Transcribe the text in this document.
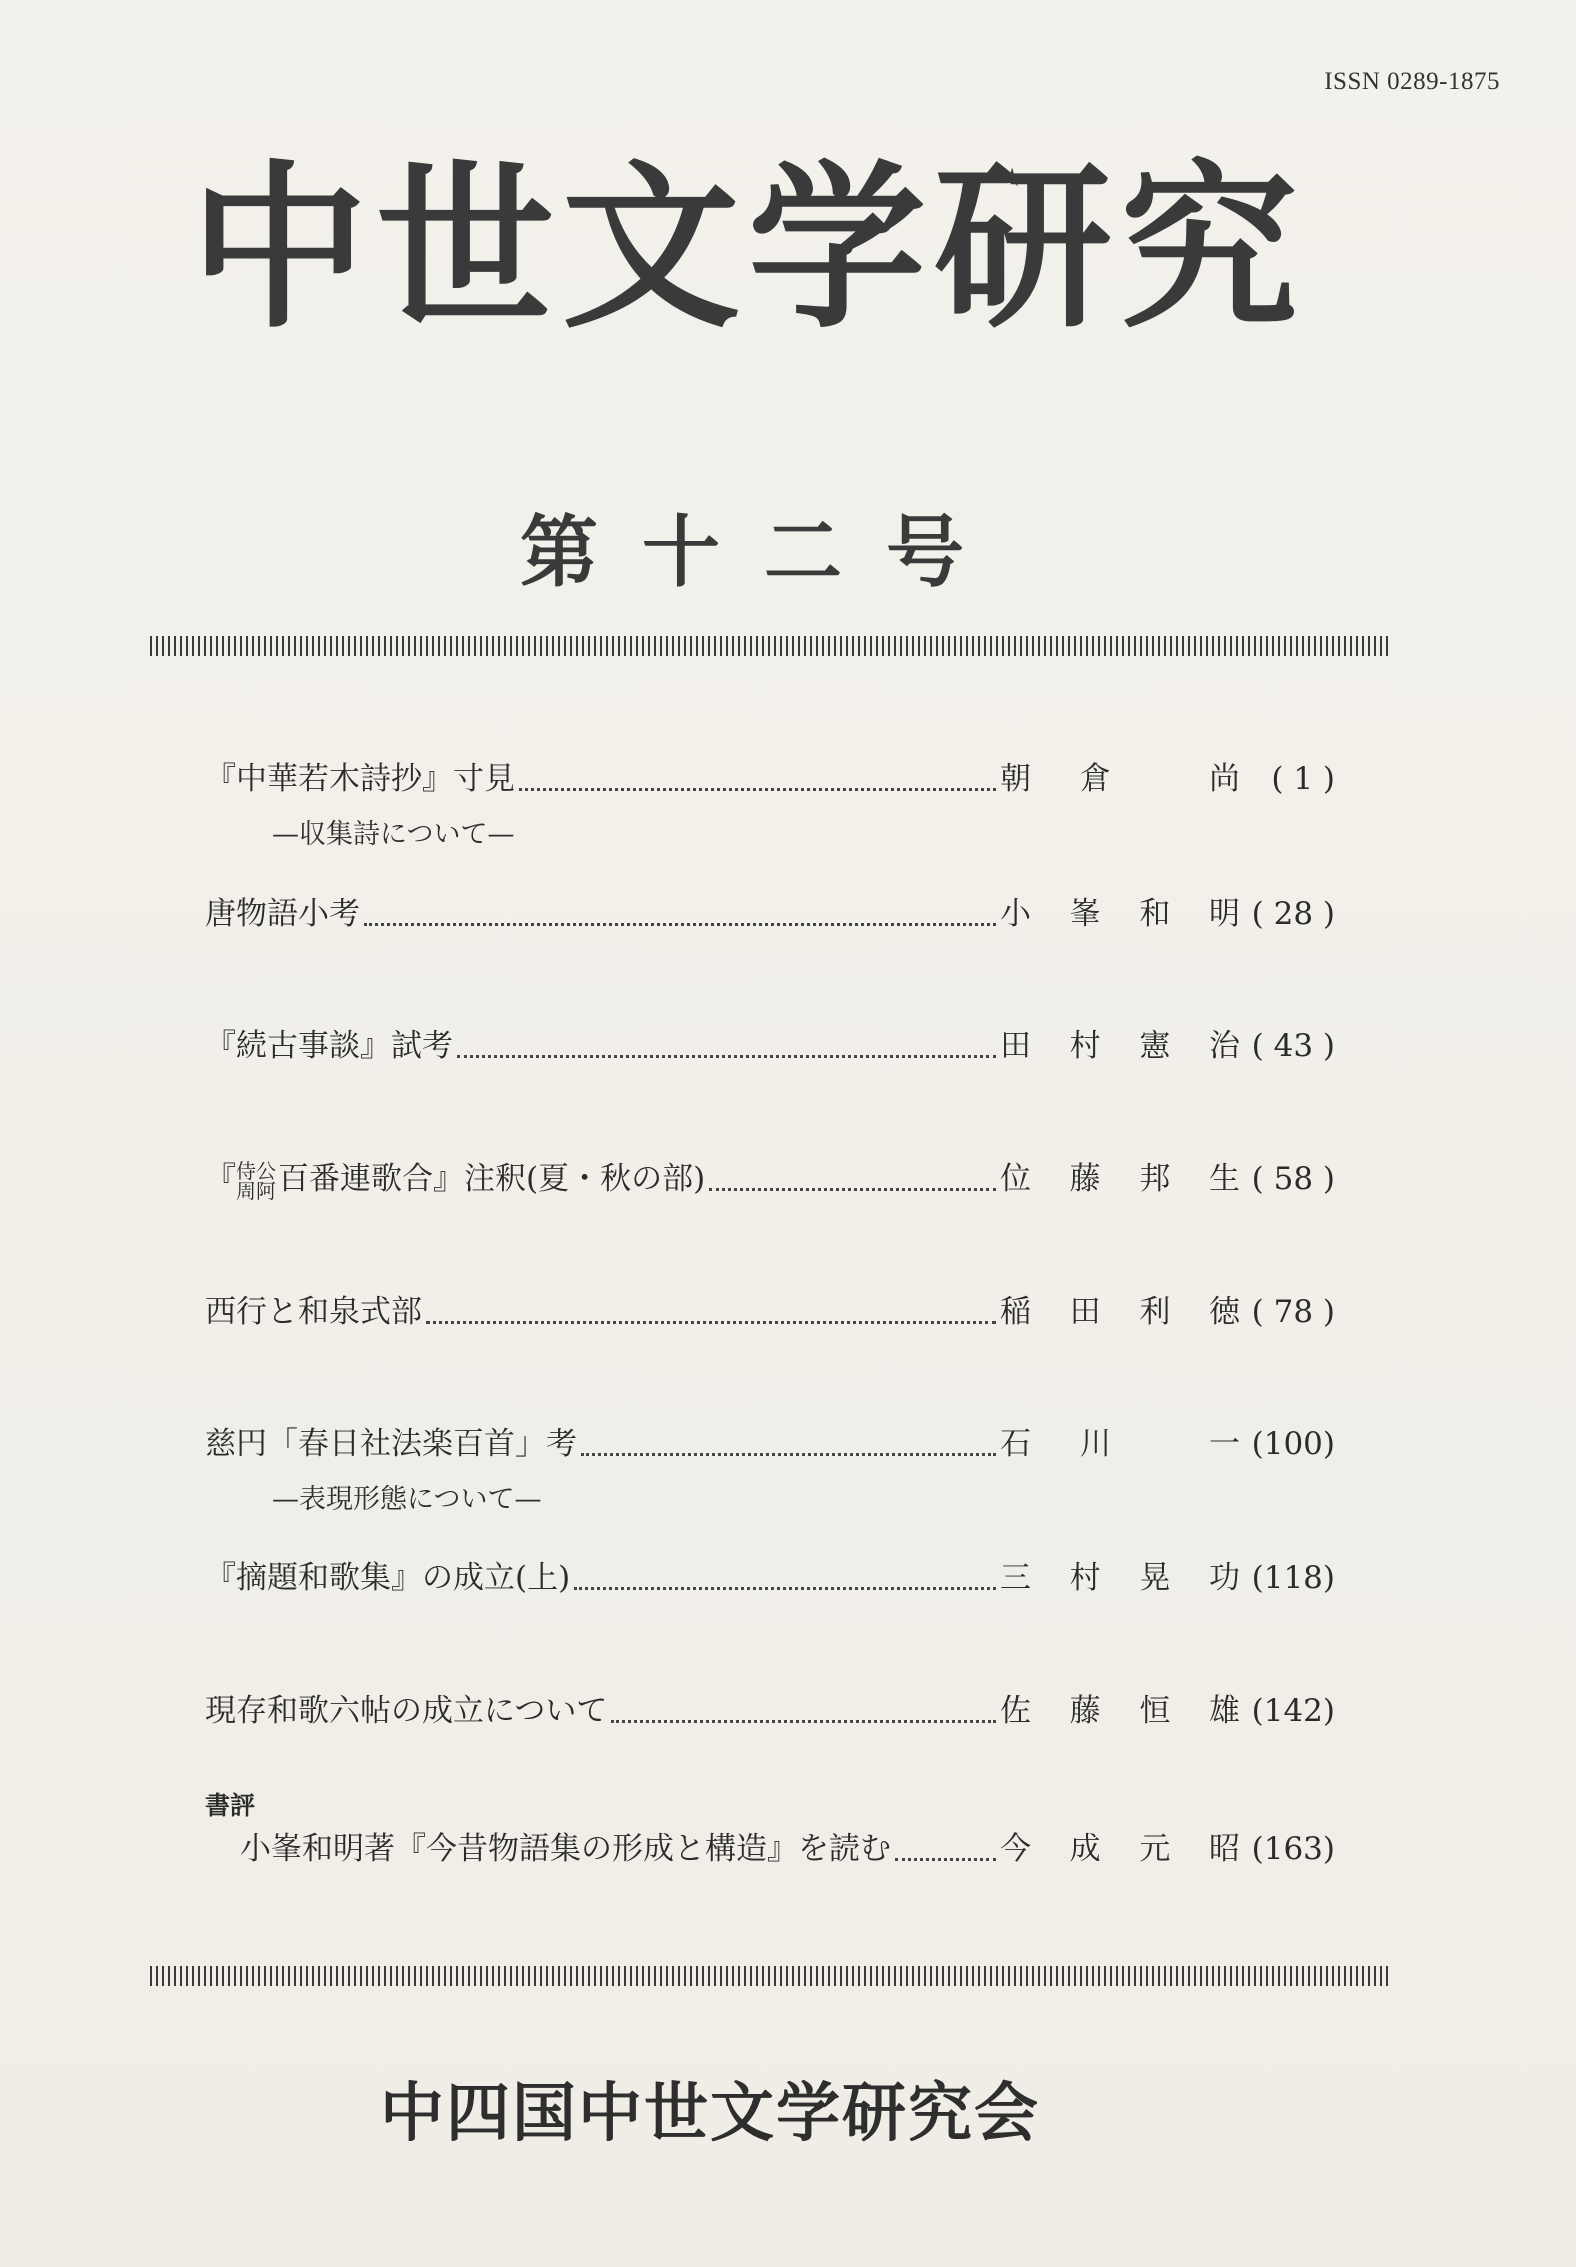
ISSN 0289-1875
中世文学研究
第十二号
『中華若木詩抄』寸見	朝 倉	尚	( 1 )
—収集詩について—
唐物語小考	小 峯 和 明 ( 28 )
『続古事談』試考	田 村 憲 治 ( 43 )
『 侍公
周阿 百番連歌合』注釈(夏・秋の部)	位 藤 邦 生 ( 58 )
西行と和泉式部	稲 田 利 徳 ( 78 )
慈円「春日社法楽百首」考	石 川	一 (100)
—表現形態について—
『摘題和歌集』の成立(上)	三 村 晃 功 (118)
現存和歌六帖の成立について	佐 藤 恒 雄 (142)
書評
小峯和明著『今昔物語集の形成と構造』を読む	今 成 元 昭 (163)
中四国中世文学研究会
